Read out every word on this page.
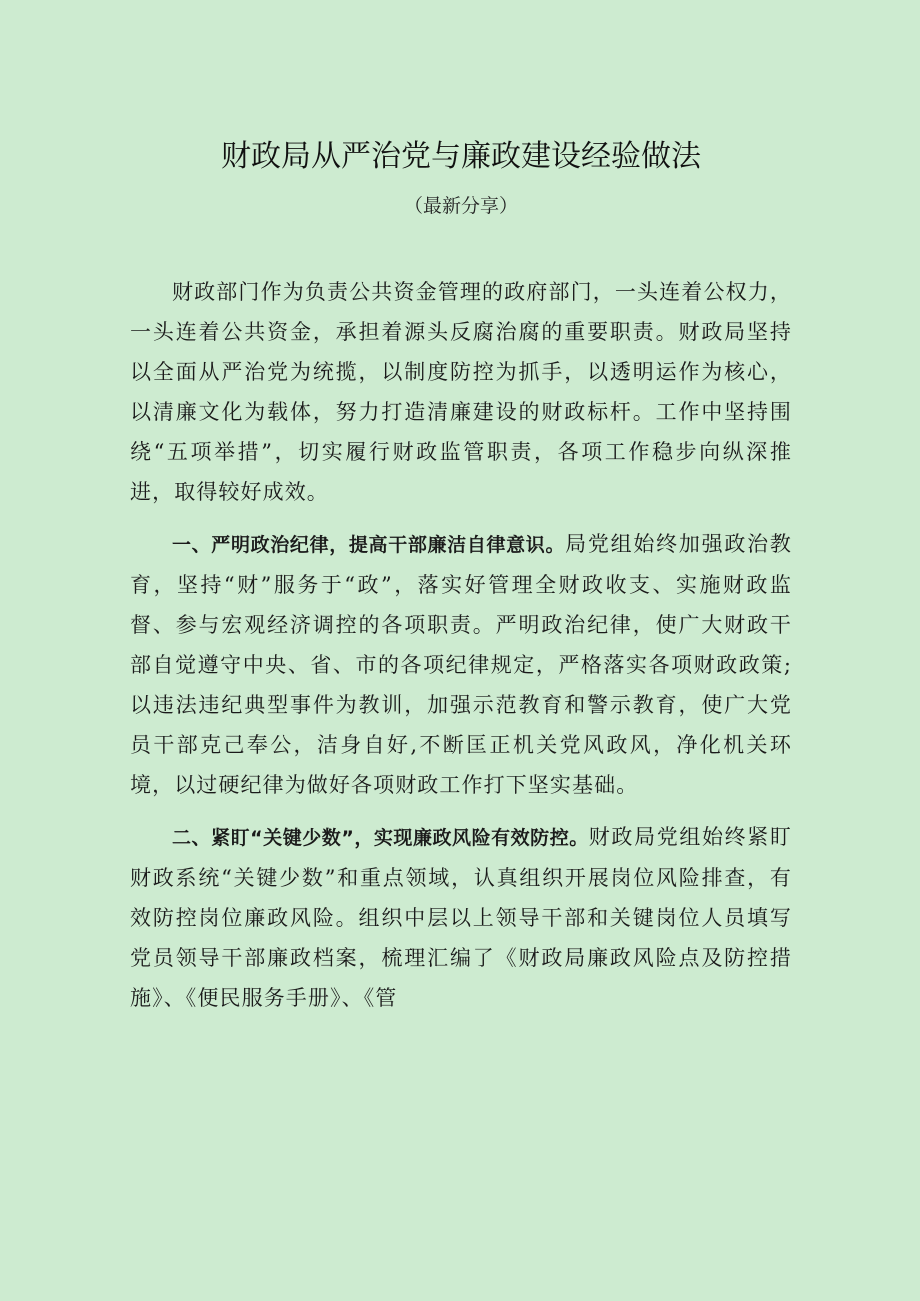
财政局从严治党与廉政建设经验做法
（最新分享）

财政部门作为负责公共资金管理的政府部门，一头连着公权力，一头连着公共资金，承担着源头反腐治腐的重要职责。财政局坚持以全面从严治党为统揽，以制度防控为抓手，以透明运作为核心，以清廉文化为载体，努力打造清廉建设的财政标杆。工作中坚持围绕“五项举措”，切实履行财政监管职责，各项工作稳步向纵深推进，取得较好成效。

一、严明政治纪律，提高干部廉洁自律意识。局党组始终加强政治教育，坚持“财”服务于“政”，落实好管理全财政收支、实施财政监督、参与宏观经济调控的各项职责。严明政治纪律，使广大财政干部自觉遵守中央、省、市的各项纪律规定，严格落实各项财政政策;以违法违纪典型事件为教训，加强示范教育和警示教育，使广大党员干部克己奉公，洁身自好,不断匡正机关党风政风，净化机关环境，以过硬纪律为做好各项财政工作打下坚实基础。

二、紧盯“关键少数”，实现廉政风险有效防控。财政局党组始终紧盯财政系统“关键少数”和重点领域，认真组织开展岗位风险排查，有效防控岗位廉政风险。组织中层以上领导干部和关键岗位人员填写党员领导干部廉政档案，梳理汇编了《财政局廉政风险点及防控措施》、《便民服务手册》、《管
